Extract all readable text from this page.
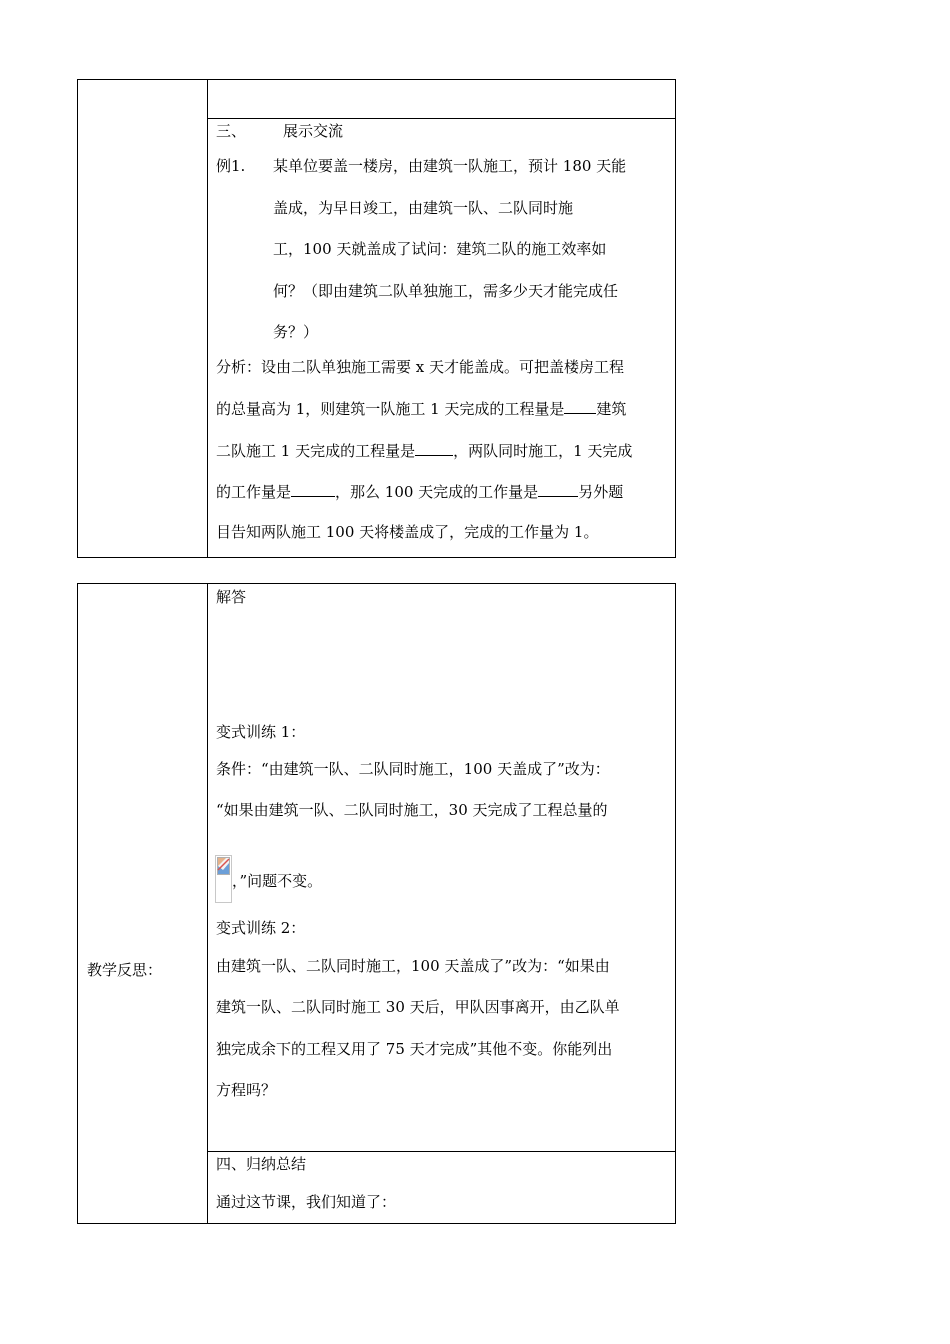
三、 展示交流
例1. 某单位要盖一楼房，由建筑一队施工，预计 180 天能
盖成，为早日竣工，由建筑一队、二队同时施
工，100 天就盖成了试问：建筑二队的施工效率如
何？（即由建筑二队单独施工，需多少天才能完成任
务？）
分析：设由二队单独施工需要 x 天才能盖成。可把盖楼房工程
的总量高为 1，则建筑一队施工 1 天完成的工程量是 建筑
二队施工 1 天完成的工程量是	，两队同时施工，1 天完成
的工作量是	，那么 100 天完成的工作量是	另外题
目告知两队施工 100 天将楼盖成了，完成的工作量为 1。
教学反思：
解答
变式训练 1：
条件：“由建筑一队、二队同时施工，100 天盖成了”改为：
“如果由建筑一队、二队同时施工，30 天完成了工程总量的
，”问题不变。
变式训练 2：
由建筑一队、二队同时施工，100 天盖成了”改为：“如果由
建筑一队、二队同时施工 30 天后，甲队因事离开，由乙队单
独完成余下的工程又用了 75 天才完成”其他不变。你能列出
方程吗？
四、归纳总结
通过这节课，我们知道了：
